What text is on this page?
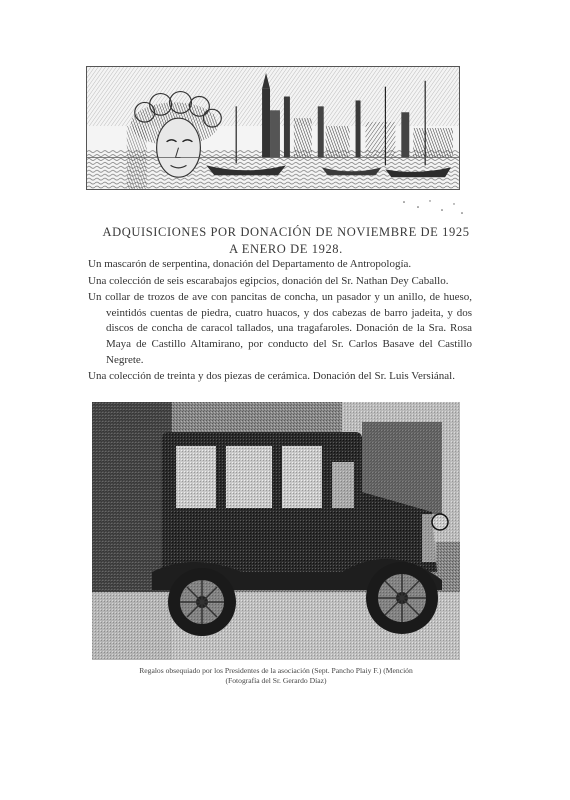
ADQUISICIONES POR DONACIÓN DE NOVIEMBRE DE 1925
A ENERO DE 1928.

Un mascarón de serpentina, donación del Departamento de Antropología.

Una colección de seis escarabajos egipcios, donación del Sr. Nathan Dey Caballo.

Un collar de trozos de ave con pancitas de concha, un pasador y un anillo, de hueso, veintidós cuentas de piedra, cuatro huacos, y dos cabezas de barro jadeita, y dos discos de concha de caracol tallados, una tragafaroles. Donación de la Sra. Rosa Maya de Castillo Altamirano, por conducto del Sr. Carlos Basave del Castillo Negrete.

Una colección de treinta y dos piezas de cerámica. Donación del Sr. Luis Versiánal.

Regalos obsequiado por los Presidentes de la asociación (Sept. Pancho Plaiy F.) (Mención
(Fotografía del Sr. Gerardo Díaz)
